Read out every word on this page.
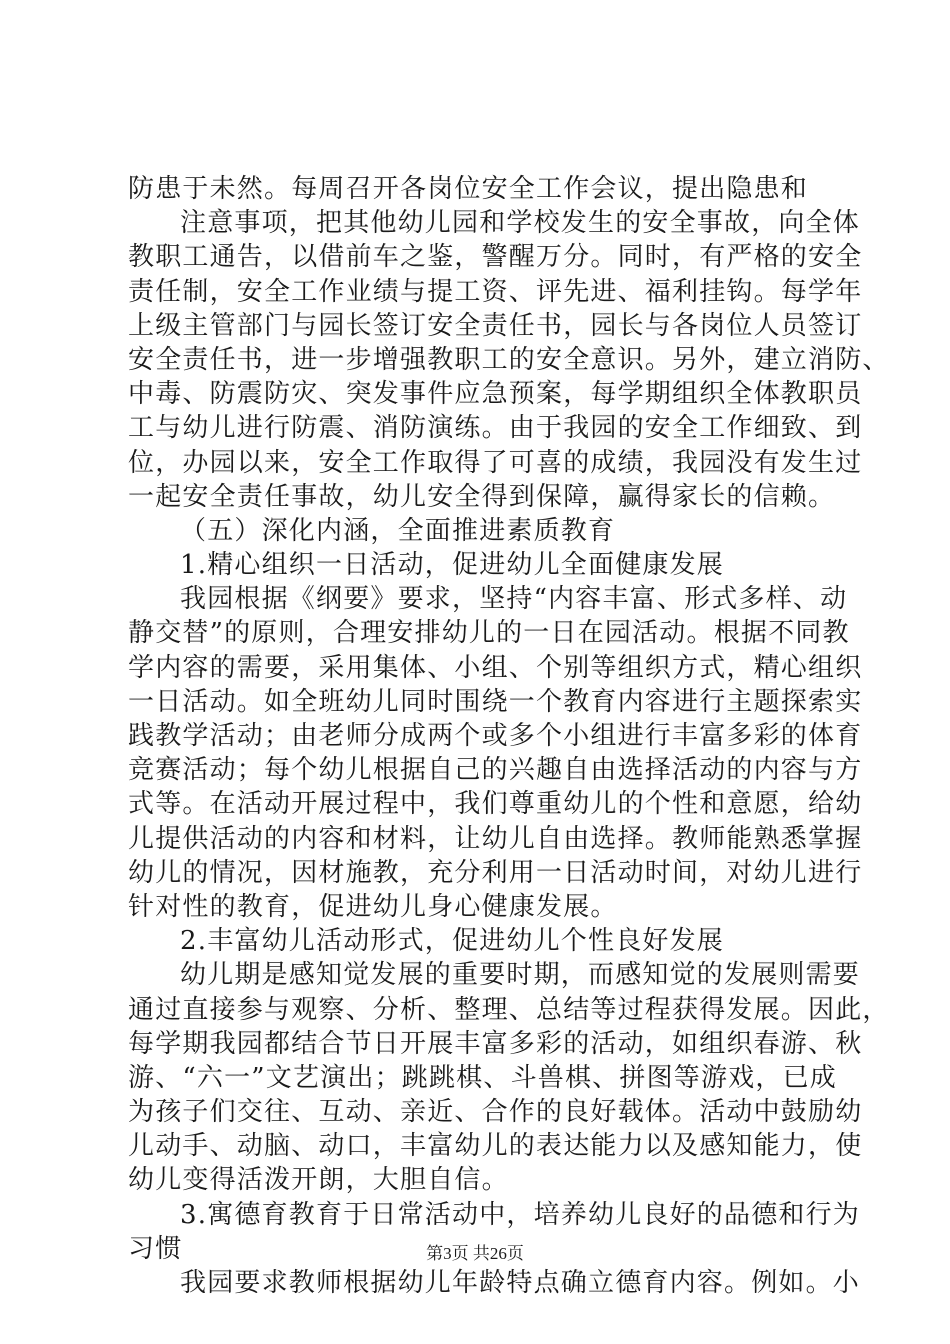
防患于未然。每周召开各岗位安全工作会议，提出隐患和
注意事项，把其他幼儿园和学校发生的安全事故，向全体
教职工通告，以借前车之鉴，警醒万分。同时，有严格的安全
责任制，安全工作业绩与提工资、评先进、福利挂钩。每学年
上级主管部门与园长签订安全责任书，园长与各岗位人员签订
安全责任书，进一步增强教职工的安全意识。另外，建立消防、
中毒、防震防灾、突发事件应急预案，每学期组织全体教职员
工与幼儿进行防震、消防演练。由于我园的安全工作细致、到
位，办园以来，安全工作取得了可喜的成绩，我园没有发生过
一起安全责任事故，幼儿安全得到保障，赢得家长的信赖。
（五）深化内涵，全面推进素质教育
1.精心组织一日活动，促进幼儿全面健康发展
我园根据《纲要》要求，坚持“内容丰富、形式多样、动
静交替”的原则，合理安排幼儿的一日在园活动。根据不同教
学内容的需要，采用集体、小组、个别等组织方式，精心组织
一日活动。如全班幼儿同时围绕一个教育内容进行主题探索实
践教学活动；由老师分成两个或多个小组进行丰富多彩的体育
竞赛活动；每个幼儿根据自己的兴趣自由选择活动的内容与方
式等。在活动开展过程中，我们尊重幼儿的个性和意愿，给幼
儿提供活动的内容和材料，让幼儿自由选择。教师能熟悉掌握
幼儿的情况，因材施教，充分利用一日活动时间，对幼儿进行
针对性的教育，促进幼儿身心健康发展。
2.丰富幼儿活动形式，促进幼儿个性良好发展
幼儿期是感知觉发展的重要时期，而感知觉的发展则需要
通过直接参与观察、分析、整理、总结等过程获得发展。因此，
每学期我园都结合节日开展丰富多彩的活动，如组织春游、秋
游、“六一”文艺演出；跳跳棋、斗兽棋、拼图等游戏，已成
为孩子们交往、互动、亲近、合作的良好载体。活动中鼓励幼
儿动手、动脑、动口，丰富幼儿的表达能力以及感知能力，使
幼儿变得活泼开朗，大胆自信。
3.寓德育教育于日常活动中，培养幼儿良好的品德和行为
习惯
我园要求教师根据幼儿年龄特点确立德育内容。例如。小
第3页 共26页
